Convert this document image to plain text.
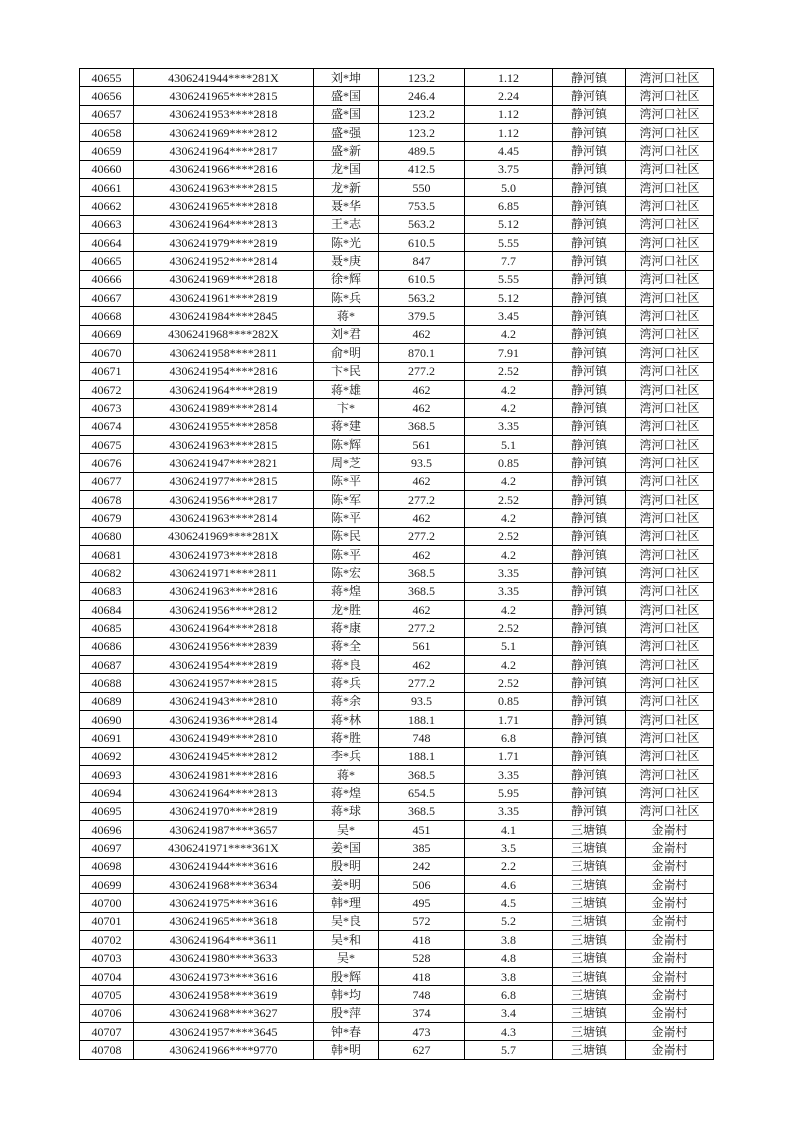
40655	4306241944****281X	刘*坤	123.2	1.12	静河镇	湾河口社区
40656	4306241965****2815	盛*国	246.4	2.24	静河镇	湾河口社区
40657	4306241953****2818	盛*国	123.2	1.12	静河镇	湾河口社区
40658	4306241969****2812	盛*强	123.2	1.12	静河镇	湾河口社区
40659	4306241964****2817	盛*新	489.5	4.45	静河镇	湾河口社区
40660	4306241966****2816	龙*国	412.5	3.75	静河镇	湾河口社区
40661	4306241963****2815	龙*新	550	5.0	静河镇	湾河口社区
40662	4306241965****2818	聂*华	753.5	6.85	静河镇	湾河口社区
40663	4306241964****2813	王*志	563.2	5.12	静河镇	湾河口社区
40664	4306241979****2819	陈*光	610.5	5.55	静河镇	湾河口社区
40665	4306241952****2814	聂*庚	847	7.7	静河镇	湾河口社区
40666	4306241969****2818	徐*辉	610.5	5.55	静河镇	湾河口社区
40667	4306241961****2819	陈*兵	563.2	5.12	静河镇	湾河口社区
40668	4306241984****2845	蒋*	379.5	3.45	静河镇	湾河口社区
40669	4306241968****282X	刘*君	462	4.2	静河镇	湾河口社区
40670	4306241958****2811	俞*明	870.1	7.91	静河镇	湾河口社区
40671	4306241954****2816	卞*民	277.2	2.52	静河镇	湾河口社区
40672	4306241964****2819	蒋*雄	462	4.2	静河镇	湾河口社区
40673	4306241989****2814	卞*	462	4.2	静河镇	湾河口社区
40674	4306241955****2858	蒋*建	368.5	3.35	静河镇	湾河口社区
40675	4306241963****2815	陈*辉	561	5.1	静河镇	湾河口社区
40676	4306241947****2821	周*芝	93.5	0.85	静河镇	湾河口社区
40677	4306241977****2815	陈*平	462	4.2	静河镇	湾河口社区
40678	4306241956****2817	陈*军	277.2	2.52	静河镇	湾河口社区
40679	4306241963****2814	陈*平	462	4.2	静河镇	湾河口社区
40680	4306241969****281X	陈*民	277.2	2.52	静河镇	湾河口社区
40681	4306241973****2818	陈*平	462	4.2	静河镇	湾河口社区
40682	4306241971****2811	陈*宏	368.5	3.35	静河镇	湾河口社区
40683	4306241963****2816	蒋*煌	368.5	3.35	静河镇	湾河口社区
40684	4306241956****2812	龙*胜	462	4.2	静河镇	湾河口社区
40685	4306241964****2818	蒋*康	277.2	2.52	静河镇	湾河口社区
40686	4306241956****2839	蒋*全	561	5.1	静河镇	湾河口社区
40687	4306241954****2819	蒋*良	462	4.2	静河镇	湾河口社区
40688	4306241957****2815	蒋*兵	277.2	2.52	静河镇	湾河口社区
40689	4306241943****2810	蒋*余	93.5	0.85	静河镇	湾河口社区
40690	4306241936****2814	蒋*林	188.1	1.71	静河镇	湾河口社区
40691	4306241949****2810	蒋*胜	748	6.8	静河镇	湾河口社区
40692	4306241945****2812	李*兵	188.1	1.71	静河镇	湾河口社区
40693	4306241981****2816	蒋*	368.5	3.35	静河镇	湾河口社区
40694	4306241964****2813	蒋*煌	654.5	5.95	静河镇	湾河口社区
40695	4306241970****2819	蒋*球	368.5	3.35	静河镇	湾河口社区
40696	4306241987****3657	吴*	451	4.1	三塘镇	金嵛村
40697	4306241971****361X	姜*国	385	3.5	三塘镇	金嵛村
40698	4306241944****3616	殷*明	242	2.2	三塘镇	金嵛村
40699	4306241968****3634	姜*明	506	4.6	三塘镇	金嵛村
40700	4306241975****3616	韩*理	495	4.5	三塘镇	金嵛村
40701	4306241965****3618	吴*良	572	5.2	三塘镇	金嵛村
40702	4306241964****3611	吴*和	418	3.8	三塘镇	金嵛村
40703	4306241980****3633	吴*	528	4.8	三塘镇	金嵛村
40704	4306241973****3616	殷*辉	418	3.8	三塘镇	金嵛村
40705	4306241958****3619	韩*均	748	6.8	三塘镇	金嵛村
40706	4306241968****3627	殷*萍	374	3.4	三塘镇	金嵛村
40707	4306241957****3645	钟*春	473	4.3	三塘镇	金嵛村
40708	4306241966****9770	韩*明	627	5.7	三塘镇	金嵛村
